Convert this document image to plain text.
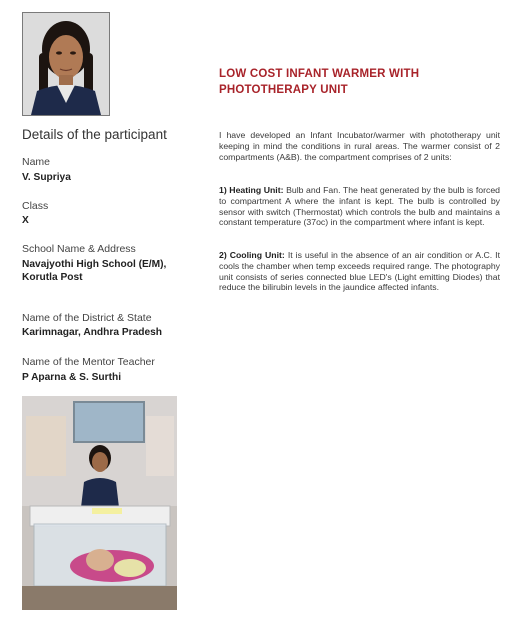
Details of the participant
Name
V. Supriya
Class
X
School Name & Address
Navajyothi High School (E/M),
Korutla Post
Name of the District & State
Karimnagar, Andhra Pradesh
Name of the Mentor Teacher
P Aparna & S. Surthi
LOW COST INFANT WARMER WITH
PHOTOTHERAPY UNIT
I have developed an Infant Incubator/warmer with phototherapy unit keeping in mind the conditions in rural areas. The warmer consist of 2 compartments (A&B). the compartment comprises of 2 units:
1) Heating Unit: Bulb and Fan. The heat generated by the bulb is forced to compartment A where the infant is kept. The bulb is controlled by sensor with switch (Thermostat) which controls the bulb and maintains a constant temperature (37oc) in the compartment where infant is kept.
2) Cooling Unit: It is useful in the absence of an air condition or A.C. It cools the chamber when temp exceeds required range. The photography unit consists of series connected blue LED's (Light emitting Diodes) that reduce the bilirubin levels in the jaundice affected infants.
